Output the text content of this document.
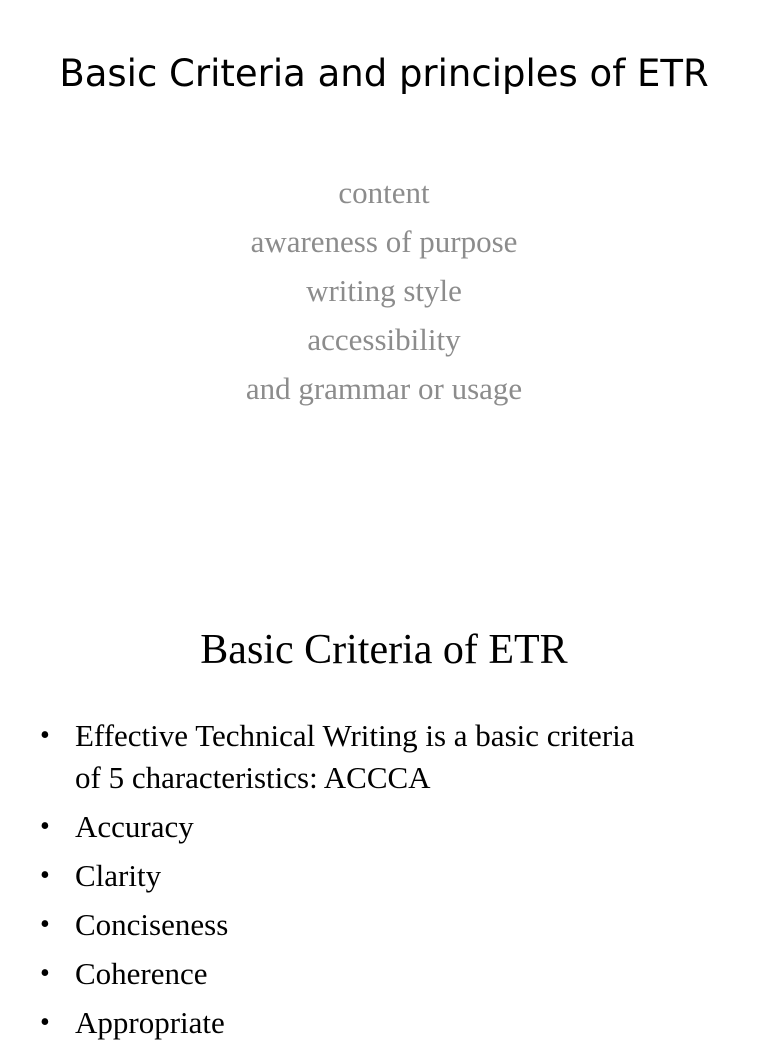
Basic Criteria and principles of ETR
content
awareness of purpose
writing style
accessibility
and grammar or usage
Basic Criteria of ETR
• Effective Technical Writing is a basic criteria of 5 characteristics: ACCCA
• Accuracy
• Clarity
• Conciseness
• Coherence
• Appropriate
